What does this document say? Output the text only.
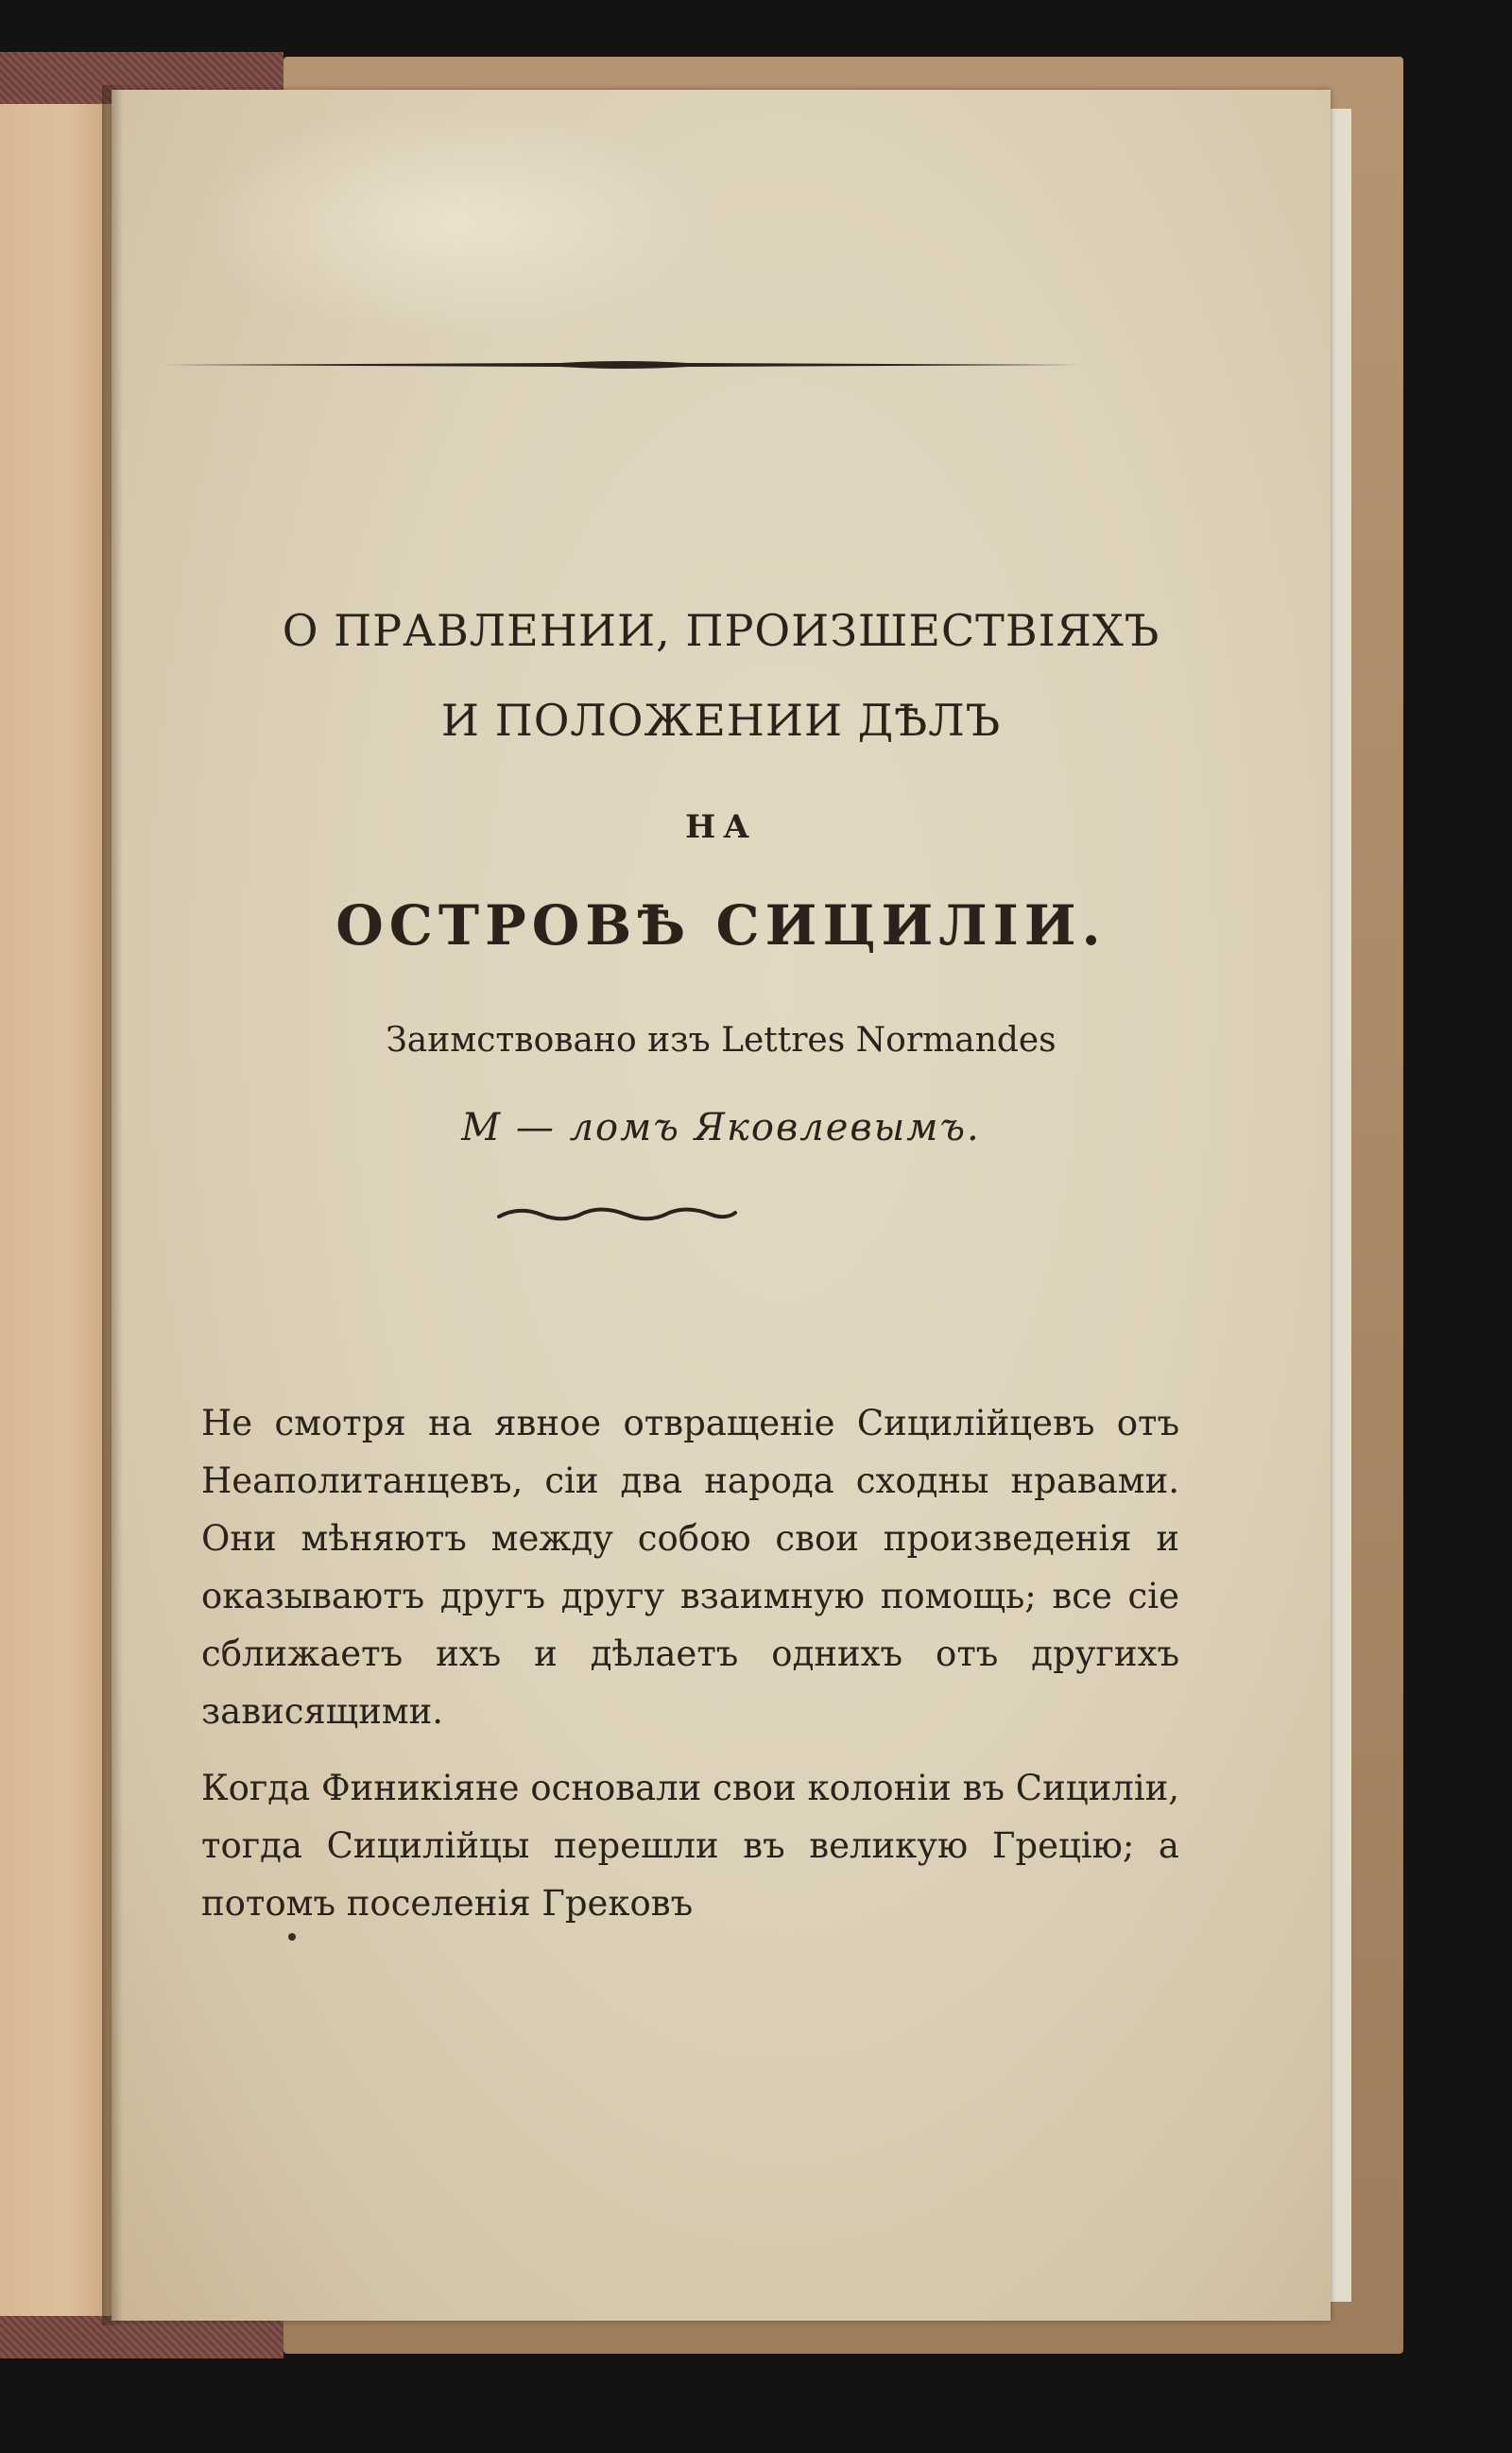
О ПРАВЛЕНИИ, ПРОИЗШЕСТВIЯХЪ
И ПОЛОЖЕНИИ ДѢЛЪ
НА
ОСТРОВѢ СИЦИЛIИ.
Заимствовано изъ Lettres Normandes
М — ломъ Яковлевымъ.

Не смотря на явное отвращенiе Сицилiйцевъ отъ Неаполитанцевъ, сiи два народа сходны нравами. Они мѣняютъ между собою свои произведенiя и оказываютъ другъ другу взаимную помощь; все сiе сближаетъ ихъ и дѣлаетъ однихъ отъ другихъ зависящими.

Когда Финикiяне основали свои колонiи въ Сицилiи, тогда Сицилiйцы перешли въ великую Грецiю; а потомъ поселенiя Грековъ
